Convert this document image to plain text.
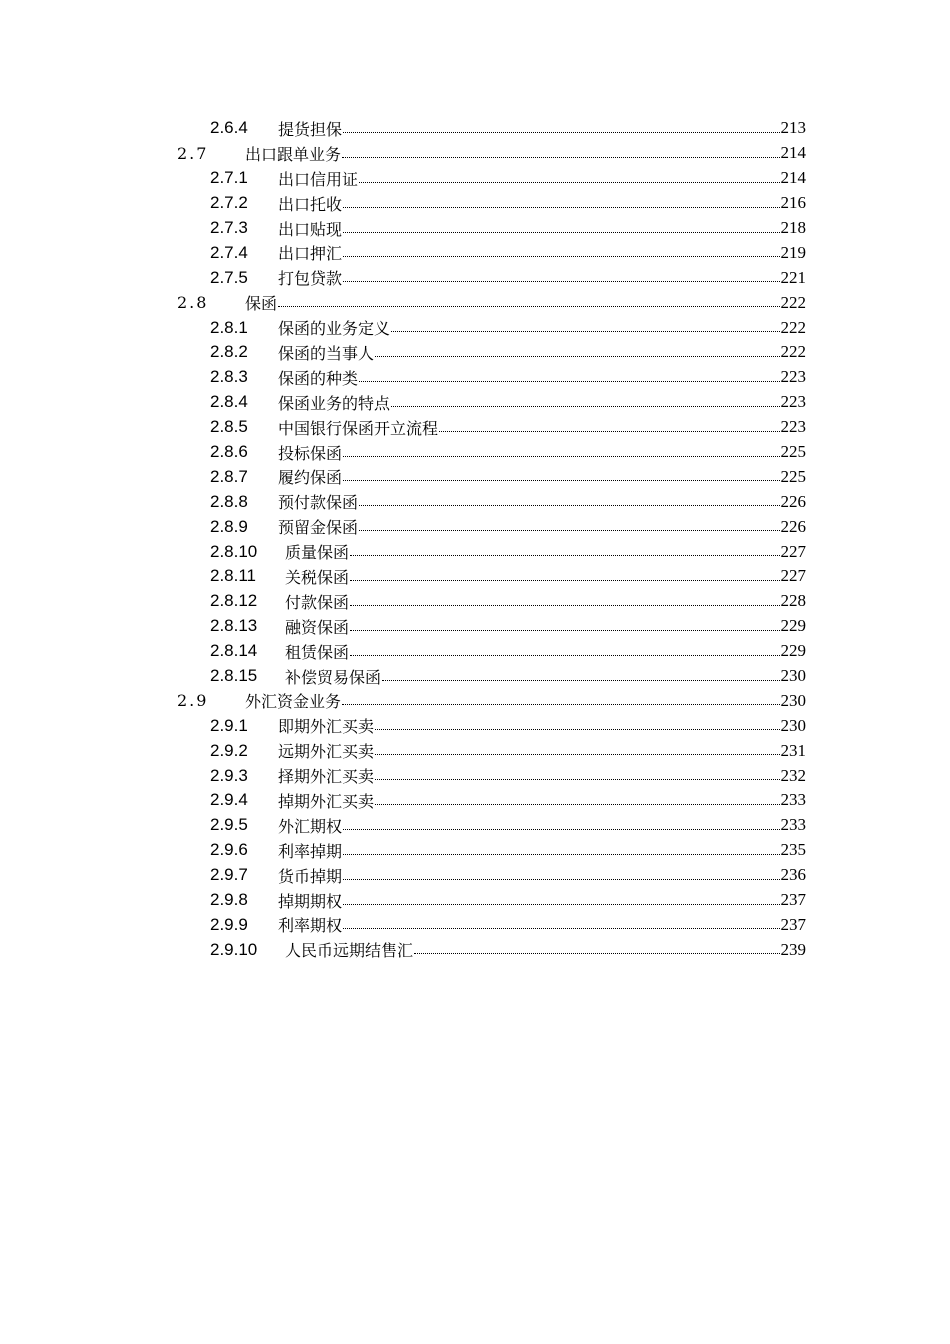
2.6.4	提货担保	213
2.7	出口跟单业务	214
2.7.1	出口信用证	214
2.7.2	出口托收	216
2.7.3	出口贴现	218
2.7.4	出口押汇	219
2.7.5	打包贷款	221
2.8	保函	222
2.8.1	保函的业务定义	222
2.8.2	保函的当事人	222
2.8.3	保函的种类	223
2.8.4	保函业务的特点	223
2.8.5	中国银行保函开立流程	223
2.8.6	投标保函	225
2.8.7	履约保函	225
2.8.8	预付款保函	226
2.8.9	预留金保函	226
2.8.10	质量保函	227
2.8.11	关税保函	227
2.8.12	付款保函	228
2.8.13	融资保函	229
2.8.14	租赁保函	229
2.8.15	补偿贸易保函	230
2.9	外汇资金业务	230
2.9.1	即期外汇买卖	230
2.9.2	远期外汇买卖	231
2.9.3	择期外汇买卖	232
2.9.4	掉期外汇买卖	233
2.9.5	外汇期权	233
2.9.6	利率掉期	235
2.9.7	货币掉期	236
2.9.8	掉期期权	237
2.9.9	利率期权	237
2.9.10	人民币远期结售汇	239
